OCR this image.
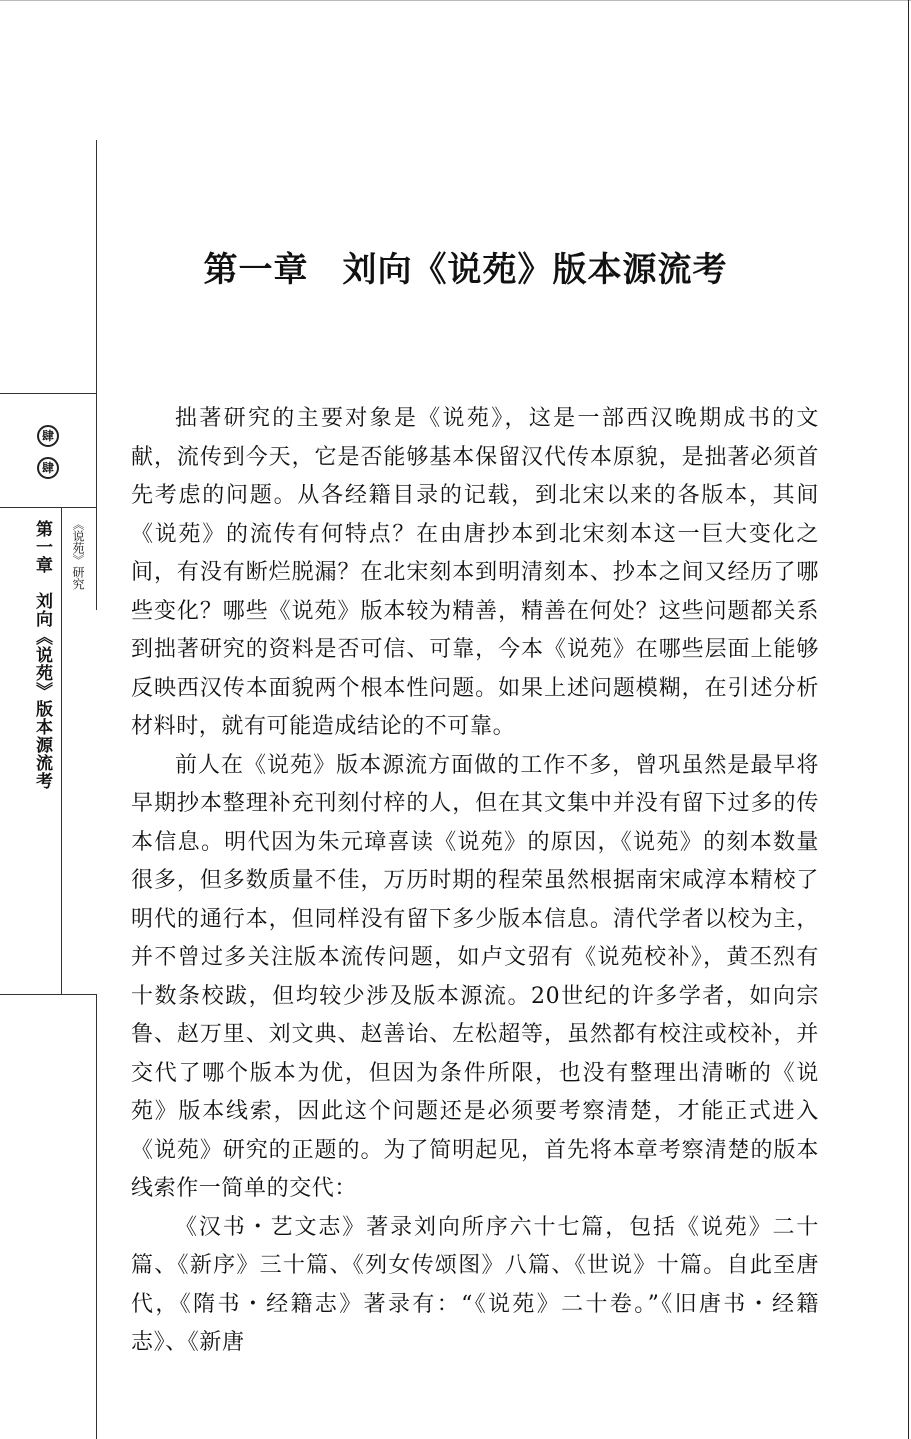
肆
肆
第一章　刘向《说苑》版本源流考 《说苑》研究
第一章 刘向《说苑》版本源流考

拙著研究的主要对象是《说苑》，这是一部西汉晚期成书的文献，流传到今天，它是否能够基本保留汉代传本原貌，是拙著必须首先考虑的问题。从各经籍目录的记载，到北宋以来的各版本，其间《说苑》的流传有何特点？在由唐抄本到北宋刻本这一巨大变化之间，有没有断烂脱漏？在北宋刻本到明清刻本、抄本之间又经历了哪些变化？哪些《说苑》版本较为精善，精善在何处？这些问题都关系到拙著研究的资料是否可信、可靠，今本《说苑》在哪些层面上能够反映西汉传本面貌两个根本性问题。如果上述问题模糊，在引述分析材料时，就有可能造成结论的不可靠。

前人在《说苑》版本源流方面做的工作不多，曾巩虽然是最早将早期抄本整理补充刊刻付梓的人，但在其文集中并没有留下过多的传本信息。明代因为朱元璋喜读《说苑》的原因，《说苑》的刻本数量很多，但多数质量不佳，万历时期的程荣虽然根据南宋咸淳本精校了明代的通行本，但同样没有留下多少版本信息。清代学者以校为主，并不曾过多关注版本流传问题，如卢文弨有《说苑校补》，黄丕烈有十数条校跋，但均较少涉及版本源流。20世纪的许多学者，如向宗鲁、赵万里、刘文典、赵善诒、左松超等，虽然都有校注或校补，并交代了哪个版本为优，但因为条件所限，也没有整理出清晰的《说苑》版本线索，因此这个问题还是必须要考察清楚，才能正式进入《说苑》研究的正题的。为了简明起见，首先将本章考察清楚的版本线索作一简单的交代：

《汉书・艺文志》著录刘向所序六十七篇，包括《说苑》二十篇、《新序》三十篇、《列女传颂图》八篇、《世说》十篇。自此至唐代，《隋书・经籍志》著录有：“《说苑》二十卷。”《旧唐书・经籍志》、《新唐
